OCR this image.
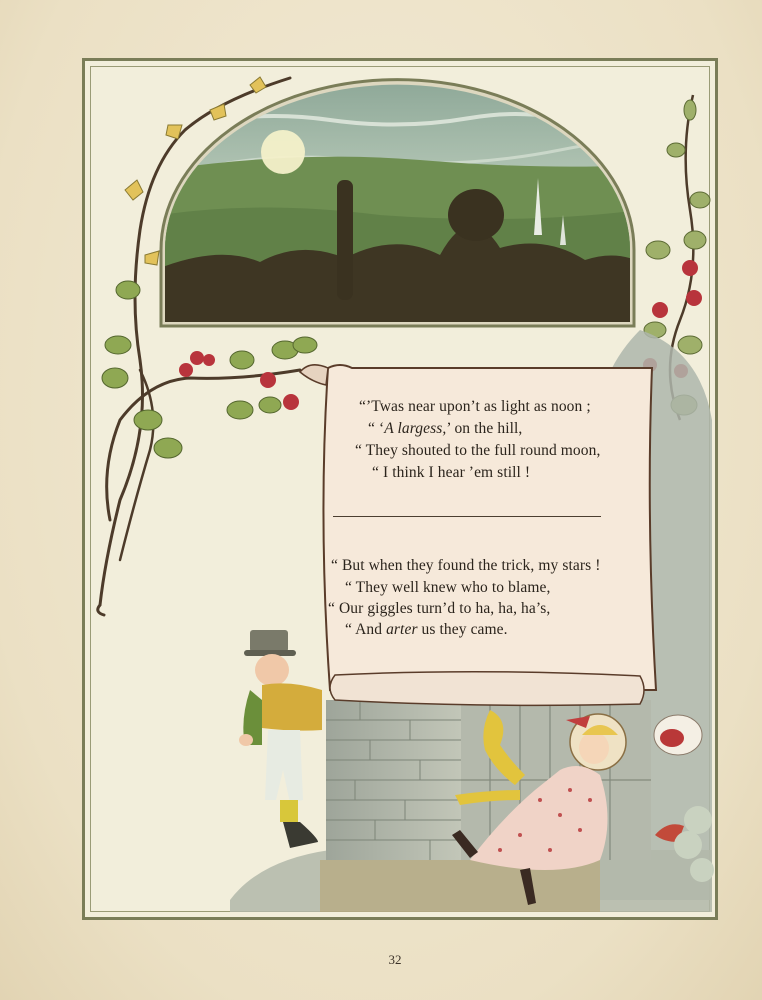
“’Twas near upon’t as light as noon ;
“ ‘A largess,’ on the hill,
“ They shouted to the full round moon,
“ I think I hear ’em still !
“ But when they found the trick, my stars !
“ They well knew who to blame,
“ Our giggles turn’d to ha, ha, ha’s,
“ And arter us they came.
32
